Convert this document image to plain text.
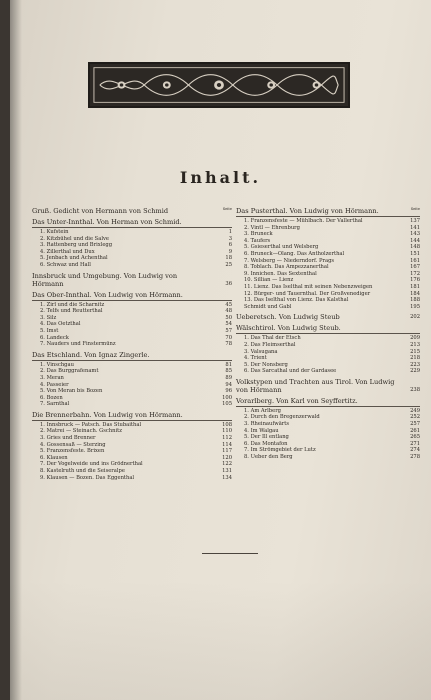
Inhalt.
Gruß. Gedicht von Hermann von Schmid	Seite
Das Unter-Innthal. Von Herman von Schmid.
1. Kufstein	1
2. Kitzbühel und die Salve	3
3. Rattenberg und Brixlegg	6
4. Zillerthal und Dux	9
5. Jenbach und Achenthal	18
6. Schwaz und Hall	25
Innsbruck und Umgebung. Von Ludwig von Hörmann	36
Das Ober-Innthal. Von Ludwig von Hörmann.
1. Zirl und die Scharnitz	45
2. Telfs und Reutterthal	48
3. Silz	50
4. Das Oetzthal	54
5. Imst	57
6. Landeck	70
7. Nauders und Finstermünz	78
Das Etschland. Von Ignaz Zingerle.
1. Vinschgau	81
2. Das Burggrafenamt	85
3. Meran	89
4. Passeier	94
5. Von Meran bis Bozen	96
6. Bozen	100
7. Sarnthal	105
Die Brennerbahn. Von Ludwig von Hörmann.
1. Innsbruck — Patsch. Das Stubaithal	108
2. Matrei — Steinach. Gschnitz	110
3. Gries und Brenner	112
4. Gossensaß — Sterzing	114
5. Franzensfeste. Brixen	117
6. Klausen	120
7. Der Vogelweide und ins Grödnerthal	122
8. Kastelruth und die Seiseralpe	131
9. Klausen — Bozen. Das Eggenthal	134
Das Pusterthal. Von Ludwig von Hörmann.	Seite
1. Franzensfeste — Mühlbach. Der Vallerthal	137
2. Vintl — Ehrenburg	141
3. Bruneck	143
4. Taufers	144
5. Gsieserthal und Welsberg	148
6. Bruneck—Olang. Das Antholzerthal	151
7. Welsberg — Niederndorf. Prags	161
8. Toblach. Das Ampezzanerthal	167
9. Innichen. Das Sextenthal	172
10. Sillian — Lienz	176
11. Lienz. Das Iselthal mit seinen Nebenzweigen	181
12. Bürger- und Tauernthal. Der Großvenediger	184
13. Das Iselthal von Lienz. Das Kalsthal	188
Schmidt und Gabl	195
Ueberetsch. Von Ludwig Steub	202
Wälschtirol. Von Ludwig Steub.
1. Das Thal der Etsch	209
2. Das Fleimserthal	213
3. Valsugana	215
4. Trient	218
5. Der Nonsberg	223
6. Das Sarcathal und der Gardasee	229
Volkstypen und Trachten aus Tirol. Von Ludwig von Hörmann	238
Vorarlberg. Von Karl von Seyffertitz.
1. Am Arlberg	249
2. Durch den Bregenzerwald	252
3. Rheinaufwärts	257
4. Im Walgau	261
5. Der Ill entlang	265
6. Das Montafon	271
7. Im Strömgebiet der Lutz	274
8. Ueber den Berg	278
